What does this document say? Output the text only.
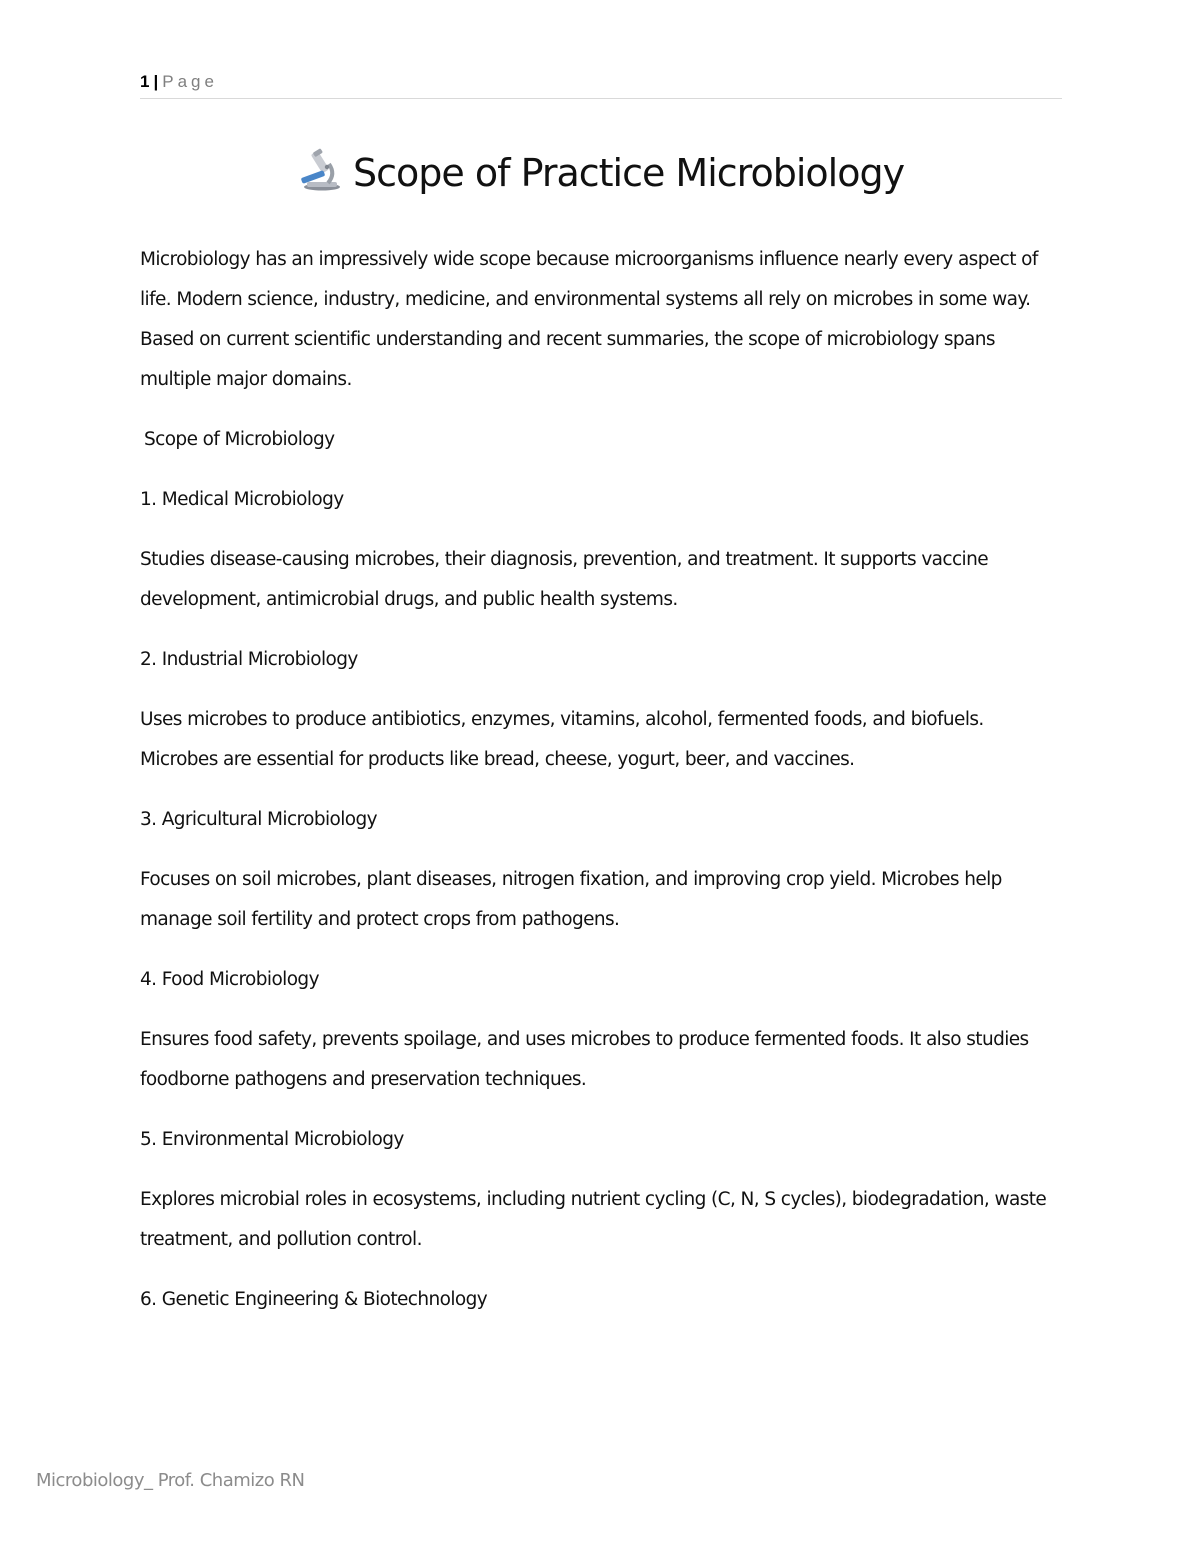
1 | Page
Scope of Practice Microbiology

Microbiology has an impressively wide scope because microorganisms influence nearly every aspect of life. Modern science, industry, medicine, and environmental systems all rely on microbes in some way. Based on current scientific understanding and recent summaries, the scope of microbiology spans multiple major domains.

Scope of Microbiology

1. Medical Microbiology

Studies disease-causing microbes, their diagnosis, prevention, and treatment. It supports vaccine development, antimicrobial drugs, and public health systems.

2. Industrial Microbiology

Uses microbes to produce antibiotics, enzymes, vitamins, alcohol, fermented foods, and biofuels. Microbes are essential for products like bread, cheese, yogurt, beer, and vaccines.

3. Agricultural Microbiology

Focuses on soil microbes, plant diseases, nitrogen fixation, and improving crop yield. Microbes help manage soil fertility and protect crops from pathogens.

4. Food Microbiology

Ensures food safety, prevents spoilage, and uses microbes to produce fermented foods. It also studies foodborne pathogens and preservation techniques.

5. Environmental Microbiology

Explores microbial roles in ecosystems, including nutrient cycling (C, N, S cycles), biodegradation, waste treatment, and pollution control.

6. Genetic Engineering & Biotechnology

Microbiology_ Prof. Chamizo RN
